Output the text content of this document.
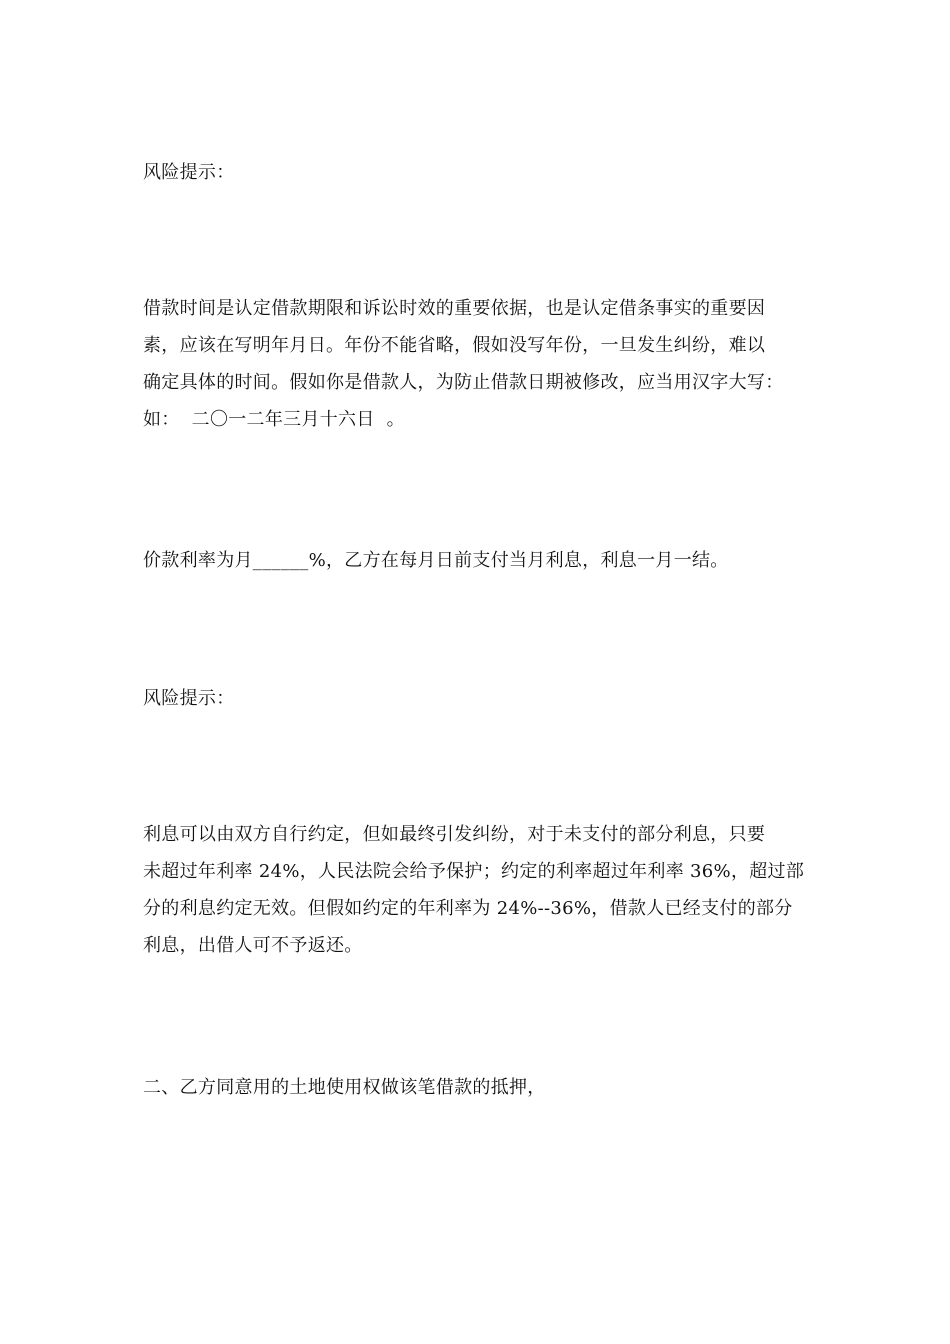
风险提示：

借款时间是认定借款期限和诉讼时效的重要依据，也是认定借条事实的重要因
素，应该在写明年月日。年份不能省略，假如没写年份，一旦发生纠纷，难以
确定具体的时间。假如你是借款人，为防止借款日期被修改，应当用汉字大写：
如：  二〇一二年三月十六日  。

价款利率为月______%，乙方在每月日前支付当月利息，利息一月一结。

风险提示：

利息可以由双方自行约定，但如最终引发纠纷，对于未支付的部分利息，只要
未超过年利率 24%，人民法院会给予保护；约定的利率超过年利率 36%，超过部
分的利息约定无效。但假如约定的年利率为 24%--36%，借款人已经支付的部分
利息，出借人可不予返还。

二、乙方同意用的土地使用权做该笔借款的抵押，
